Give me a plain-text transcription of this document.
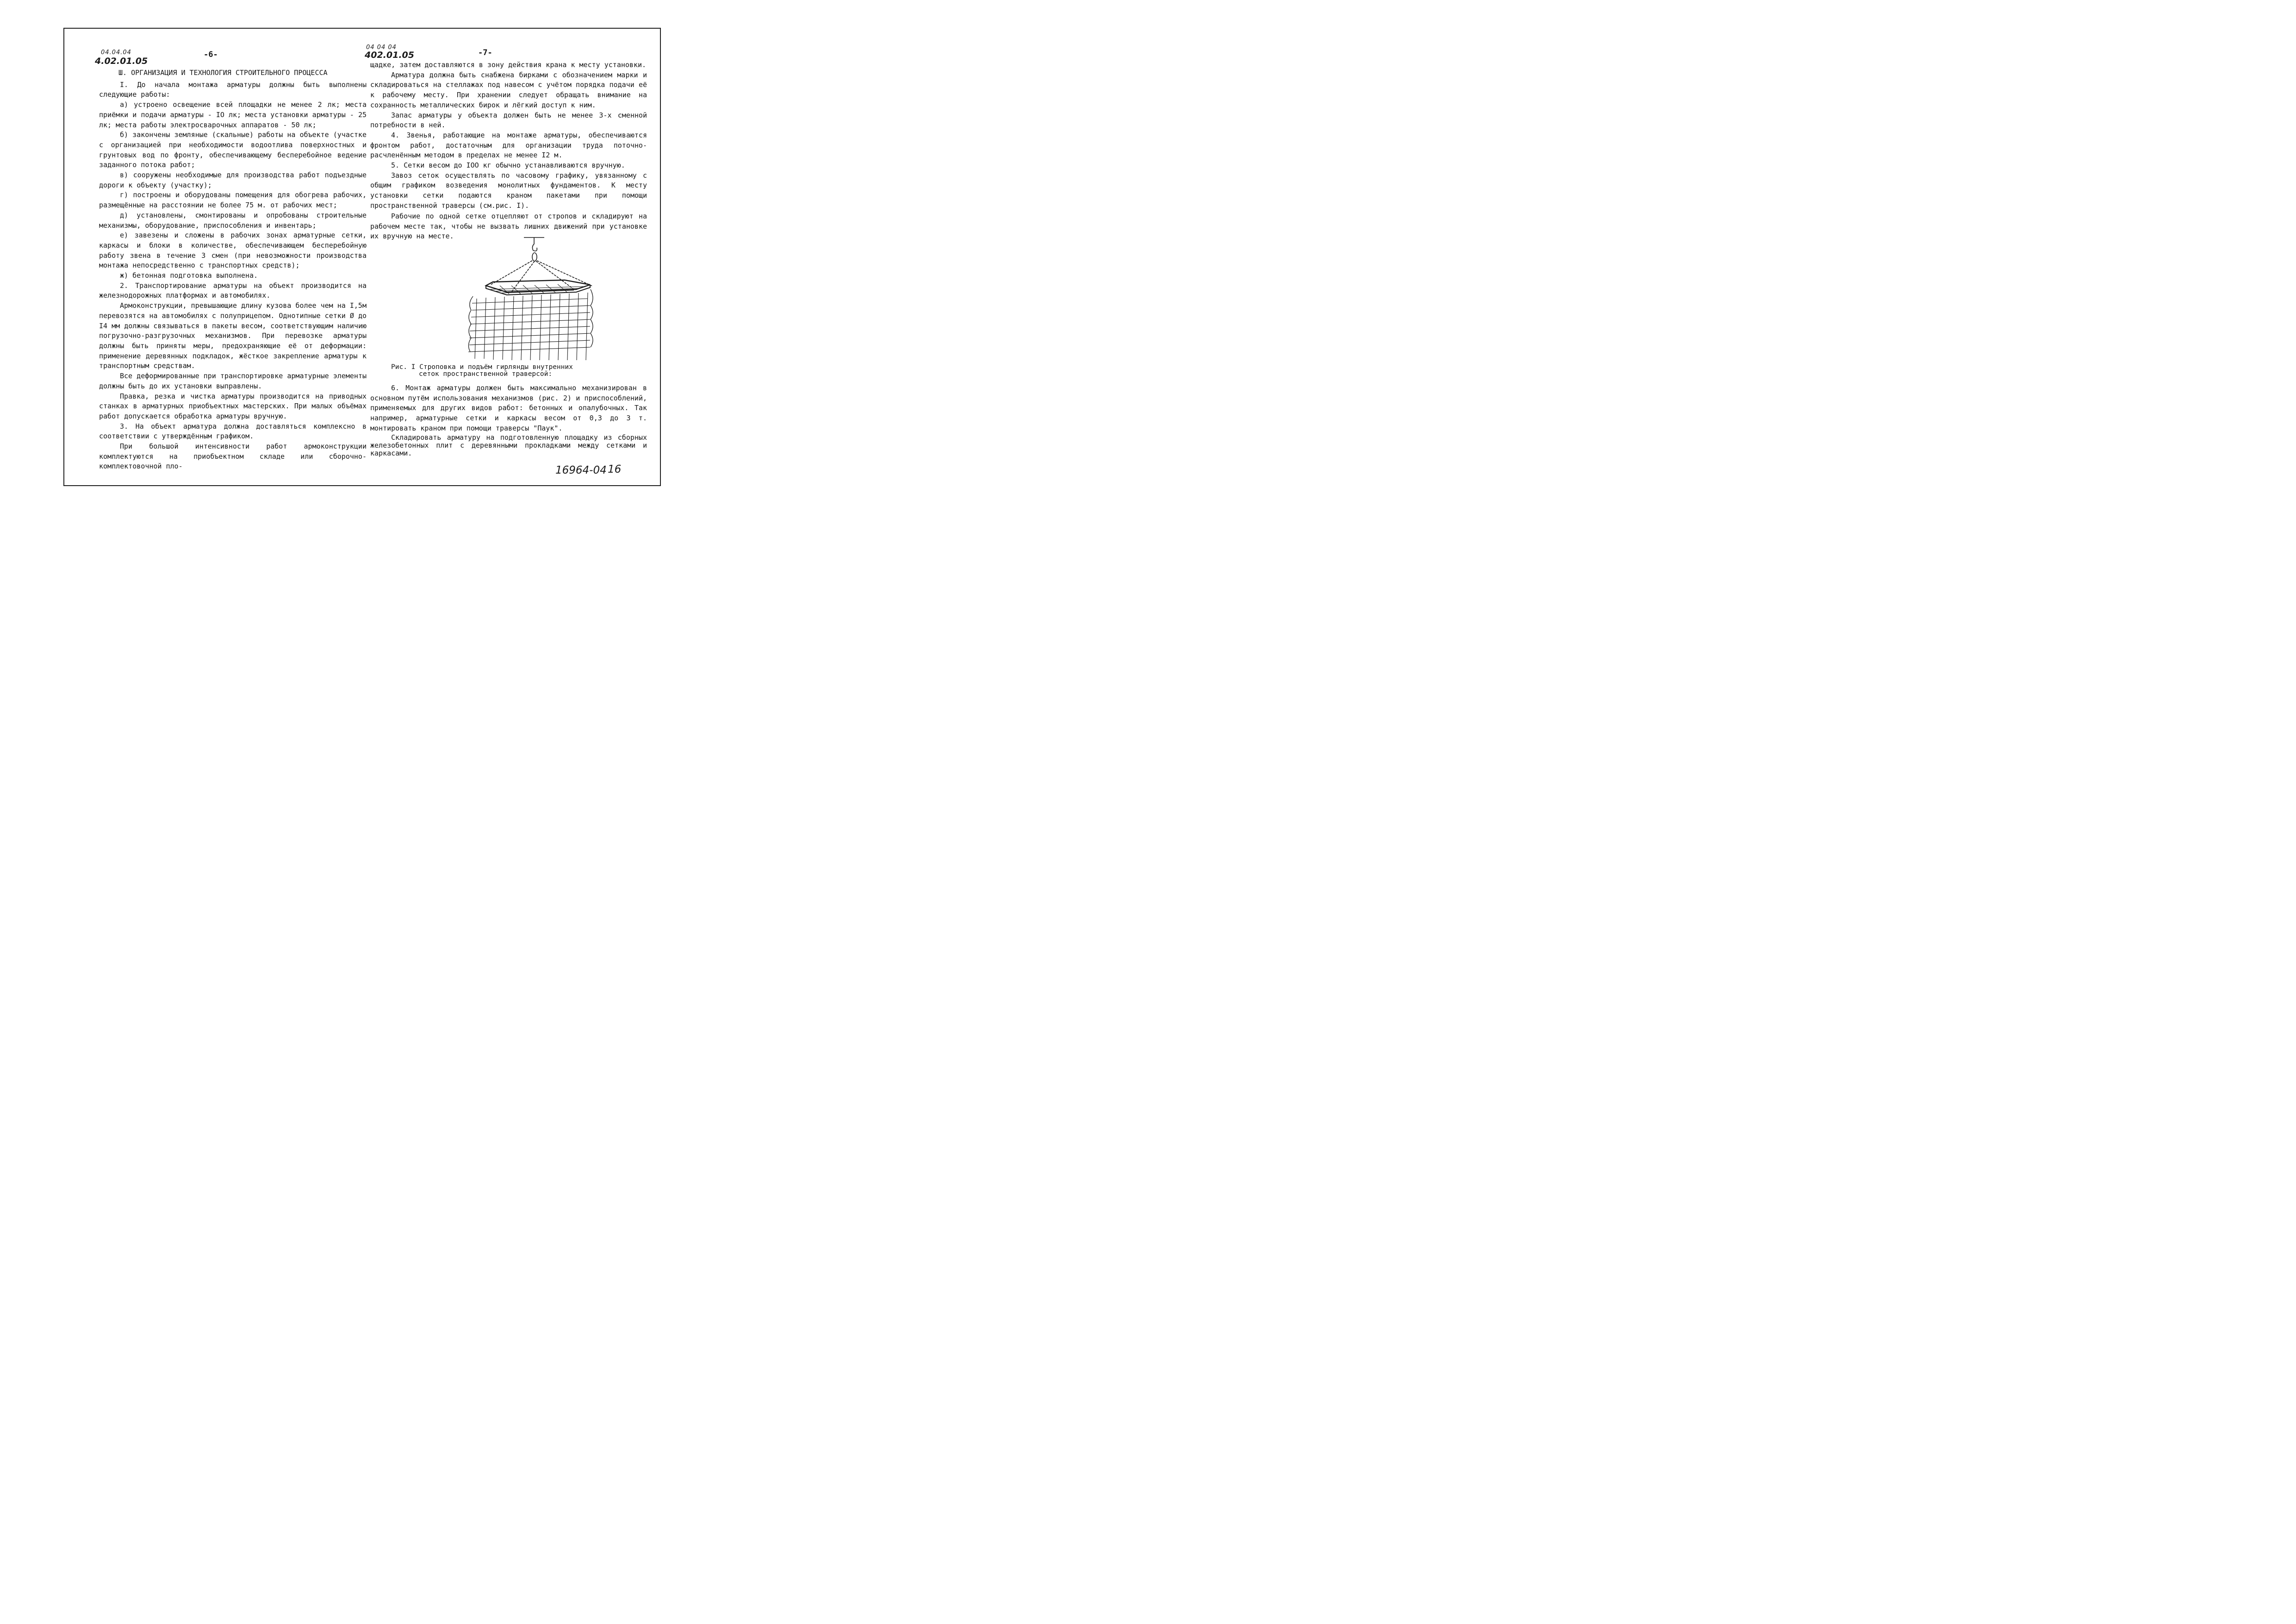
04.04.04
4.02.01.05
-6-
04 04 04
402.01.05	-7-

Ш. ОРГАНИЗАЦИЯ И ТЕХНОЛОГИЯ СТРОИТЕЛЬНОГО ПРОЦЕССА

I. До начала монтажа арматуры должны быть выполнены следующие работы:

а) устроено освещение всей площадки не менее 2 лк; места приёмки и подачи арматуры - IO лк; места установки арматуры - 25 лк; места работы электросварочных аппаратов - 50 лк;

б) закончены земляные (скальные) работы на объекте (участке с организацией при необходимости водоотлива поверхностных и грунтовых вод по фронту, обеспечивающему бесперебойное ведение заданного потока работ;

в) сооружены необходимые для производства работ подъездные дороги к объекту (участку);

г) построены и оборудованы помещения для обогрева рабочих, размещённые на расстоянии не более 75 м. от рабочих мест;

д) установлены, смонтированы и опробованы строительные механизмы, оборудование, приспособления и инвентарь;

е) завезены и сложены в рабочих зонах арматурные сетки, каркасы и блоки в количестве, обеспечивающем бесперебойную работу звена в течение 3 смен (при невозможности производства монтажа непосредственно с транспортных средств);

ж) бетонная подготовка выполнена.

2. Транспортирование арматуры на объект производится на железнодорожных платформах и автомобилях.

Армоконструкции, превышающие длину кузова более чем на I,5м перевозятся на автомобилях с полуприцепом. Однотипные сетки Ø до I4 мм должны связываться в пакеты весом, соответствующим наличию погрузочно-разгрузочных механизмов. При перевозке арматуры должны быть приняты меры, предохраняющие её от деформации: применение деревянных подкладок, жёсткое закрепление арматуры к транспортным средствам.

Все деформированные при транспортировке арматурные элементы должны быть до их установки выправлены.

Правка, резка и чистка арматуры производится на приводных станках в арматурных приобъектных мастерских. При малых объёмах работ допускается обработка арматуры вручную.

3. На объект арматура должна доставляться комплексно в соответствии с утверждённым графиком.

При большой интенсивности работ армоконструкции комплектуются на приобъектном складе или сборочно-комплектовочной пло-

щадке, затем доставляются в зону действия крана к месту установки.

Арматура должна быть снабжена бирками с обозначением марки и складироваться на стеллажах под навесом с учётом порядка подачи её к рабочему месту. При хранении следует обращать внимание на сохранность металлических бирок и лёгкий доступ к ним.

Запас арматуры у объекта должен быть не менее 3-х сменной потребности в ней.

4. Звенья, работающие на монтаже арматуры, обеспечиваются фронтом работ, достаточным для организации труда поточно-расчленённым методом в пределах не менее I2 м.

5. Сетки весом до IOO кг обычно устанавливаются вручную.

Завоз сеток осуществлять по часовому графику, увязанному с общим графиком возведения монолитных фундаментов. К месту установки сетки подаются краном пакетами при помощи пространственной траверсы (см.рис. I).

Рабочие по одной сетке отцепляют от стропов и складируют на рабочем месте так, чтобы не вызвать лишних движений при установке их вручную на месте.

Рис. I Строповка и подъём гирлянды внутренних
сеток пространственной траверсой:

6. Монтаж арматуры должен быть максимально механизирован в основном путём использования механизмов (рис. 2) и приспособлений, применяемых для других видов работ: бетонных и опалубочных. Так например, арматурные сетки и каркасы весом от 0,3 до 3 т. монтировать краном при помощи траверсы "Паук".

Складировать арматуру на подготовленную площадку из сборных железобетонных плит с деревянными прокладками между сетками и каркасами.

16964-04 16
